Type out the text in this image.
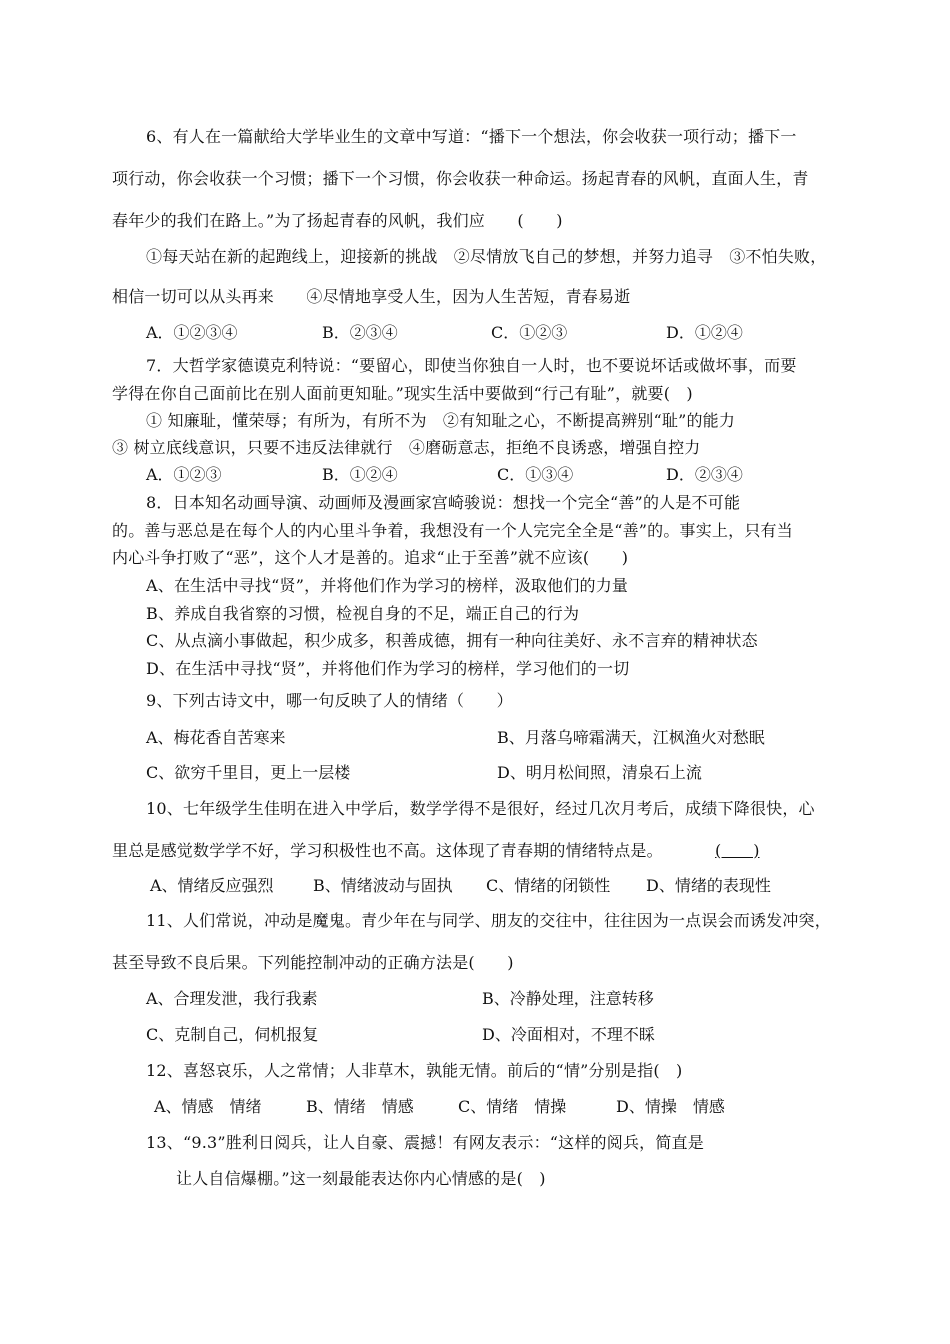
6、有人在一篇献给大学毕业生的文章中写道：“播下一个想法，你会收获一项行动；播下一
项行动，你会收获一个习惯；播下一个习惯，你会收获一种命运。扬起青春的风帆，直面人生，青
春年少的我们在路上。”为了扬起青春的风帆，我们应　　(　　)
①每天站在新的起跑线上，迎接新的挑战　②尽情放飞自己的梦想，并努力追寻　③不怕失败，
相信一切可以从头再来　　④尽情地享受人生，因为人生苦短，青春易逝
A．①②③④	B．②③④	C．①②③	D．①②④
7．大哲学家德谟克利特说：“要留心，即使当你独自一人时，也不要说坏话或做坏事，而要
学得在你自己面前比在别人面前更知耻。”现实生活中要做到“行己有耻”，就要(　)
① 知廉耻，懂荣辱；有所为，有所不为　②有知耻之心，不断提高辨别“耻”的能力
③ 树立底线意识，只要不违反法律就行　④磨砺意志，拒绝不良诱惑，增强自控力
A．①②③	B．①②④	C．①③④	D．②③④
8．日本知名动画导演、动画师及漫画家宫崎骏说：想找一个完全“善”的人是不可能
的。善与恶总是在每个人的内心里斗争着，我想没有一个人完完全全是“善”的。事实上，只有当
内心斗争打败了“恶”，这个人才是善的。追求“止于至善”就不应该(　　)
A、在生活中寻找“贤”，并将他们作为学习的榜样，汲取他们的力量
B、养成自我省察的习惯，检视自身的不足，端正自己的行为
C、从点滴小事做起，积少成多，积善成德，拥有一种向往美好、永不言弃的精神状态
D、在生活中寻找“贤”，并将他们作为学习的榜样，学习他们的一切
9、下列古诗文中，哪一句反映了人的情绪（　　）
A、梅花香自苦寒来	B、月落乌啼霜满天，江枫渔火对愁眠
C、欲穷千里目，更上一层楼	D、明月松间照，清泉石上流
10、七年级学生佳明在进入中学后，数学学得不是很好，经过几次月考后，成绩下降很快，心
里总是感觉数学学不好，学习积极性也不高。这体现了青春期的情绪特点是。	(　　)
A、情绪反应强烈 B、情绪波动与固执 C、情绪的闭锁性 D、情绪的表现性
11、人们常说，冲动是魔鬼。青少年在与同学、朋友的交往中，往往因为一点误会而诱发冲突，
甚至导致不良后果。下列能控制冲动的正确方法是(　　)
A、合理发泄，我行我素	B、冷静处理，注意转移
C、克制自己，伺机报复	D、冷面相对，不理不睬
12、喜怒哀乐，人之常情；人非草木，孰能无情。前后的“情”分别是指(　)
A、情感　情绪	B、情绪　情感	C、情绪　情操	D、情操　情感
13、“9.3”胜利日阅兵，让人自豪、震撼！有网友表示：“这样的阅兵，简直是
让人自信爆棚。”这一刻最能表达你内心情感的是(　)
